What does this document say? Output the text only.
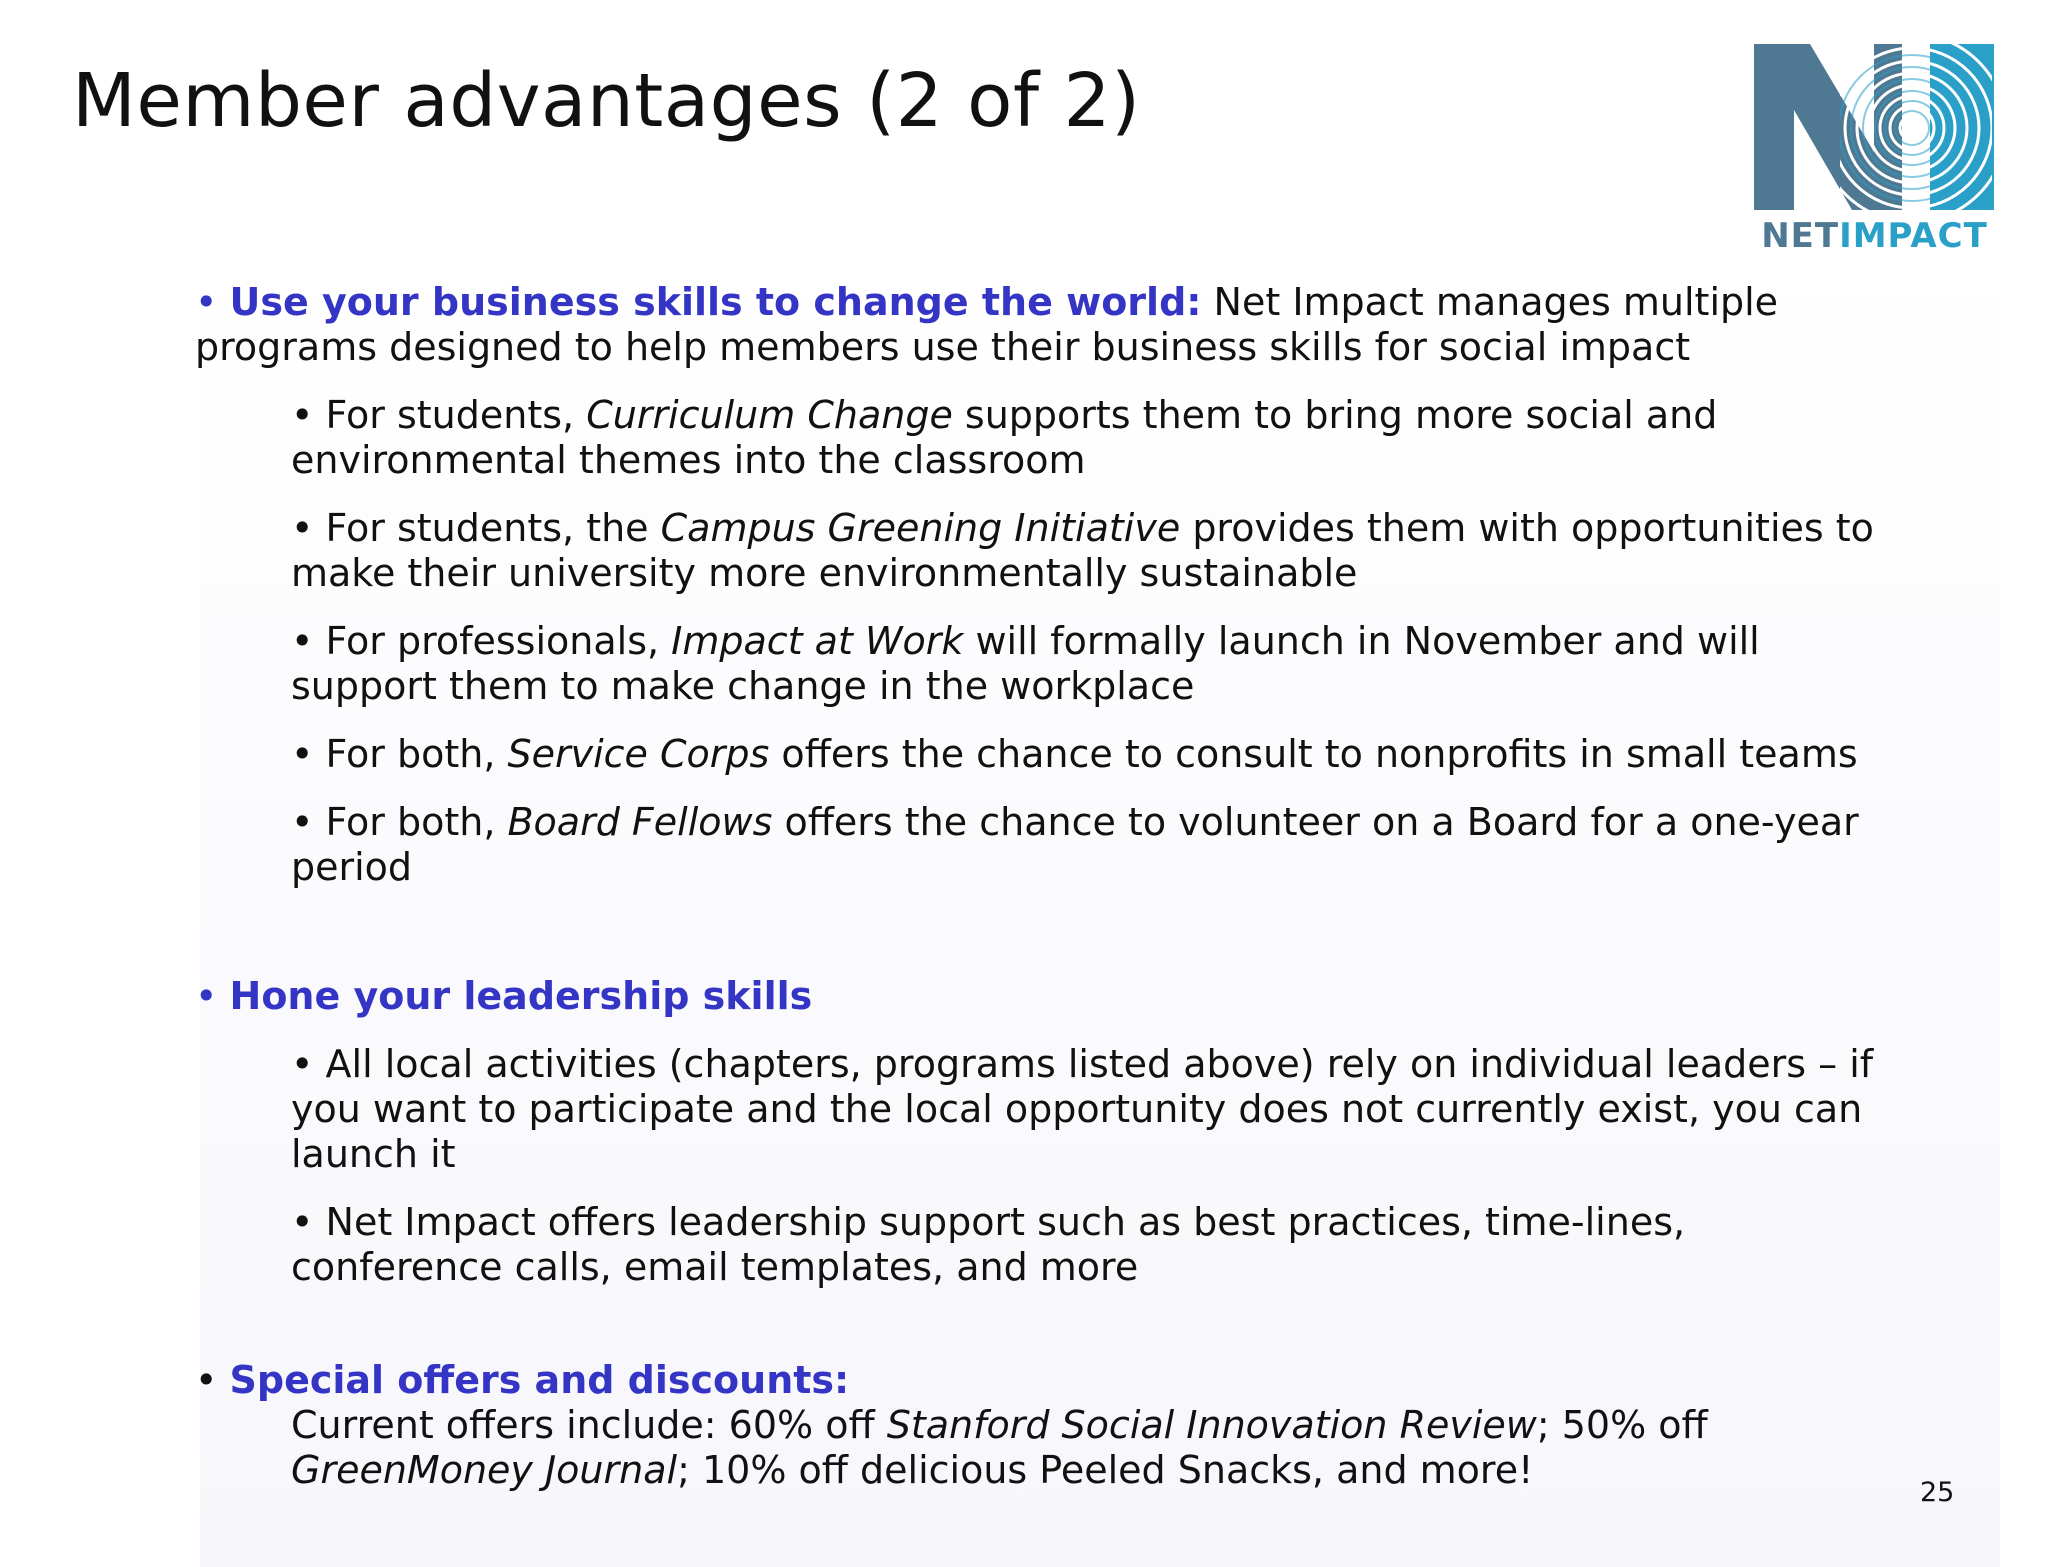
Member advantages (2 of 2)
NETIMPACT

• Use your business skills to change the world: Net Impact manages multiple programs designed to help members use their business skills for social impact

• For students, Curriculum Change supports them to bring more social and environmental themes into the classroom

• For students, the Campus Greening Initiative provides them with opportunities to make their university more environmentally sustainable

• For professionals, Impact at Work will formally launch in November and will support them to make change in the workplace

• For both, Service Corps offers the chance to consult to nonprofits in small teams

• For both, Board Fellows offers the chance to volunteer on a Board for a one-year period

• Hone your leadership skills

• All local activities (chapters, programs listed above) rely on individual leaders – if you want to participate and the local opportunity does not currently exist, you can launch it

• Net Impact offers leadership support such as best practices, time-lines, conference calls, email templates, and more

• Special offers and discounts:

Current offers include: 60% off Stanford Social Innovation Review; 50% off GreenMoney Journal; 10% off delicious Peeled Snacks, and more!

25
